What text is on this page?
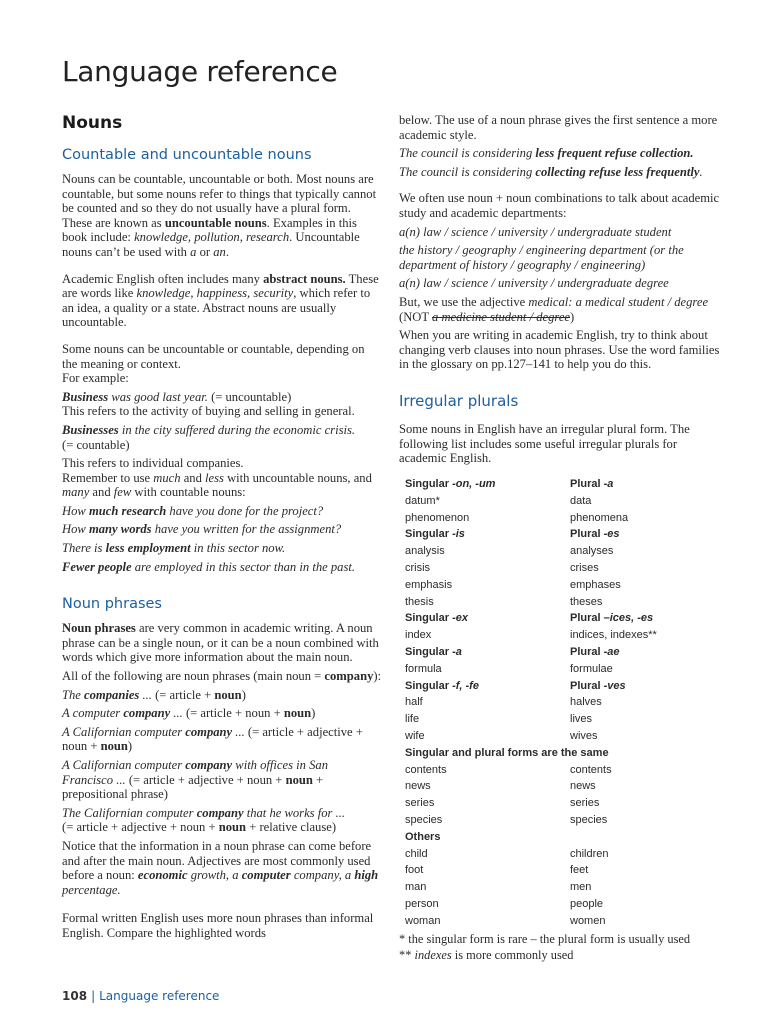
Language reference
Nouns
Countable and uncountable nouns

Nouns can be countable, uncountable or both. Most nouns are countable, but some nouns refer to things that typically cannot be counted and so they do not usually have a plural form. These are known as uncountable nouns. Examples in this book include: knowledge, pollution, research. Uncountable nouns can’t be used with a or an.

Academic English often includes many abstract nouns. These are words like knowledge, happiness, security, which refer to an idea, a quality or a state. Abstract nouns are usually uncountable.

Some nouns can be uncountable or countable, depending on the meaning or context.

For example:

Business was good last year. (= uncountable)

This refers to the activity of buying and selling in general.

Businesses in the city suffered during the economic crisis.

(= countable)

This refers to individual companies.

Remember to use much and less with uncountable nouns, and many and few with countable nouns:

How much research have you done for the project?

How many words have you written for the assignment?

There is less employment in this sector now.

Fewer people are employed in this sector than in the past.

Noun phrases

Noun phrases are very common in academic writing. A noun phrase can be a single noun, or it can be a noun combined with words which give more information about the main noun.

All of the following are noun phrases (main noun = company):

The companies ... (= article + noun)

A computer company ... (= article + noun + noun)

A Californian computer company ... (= article + adjective + noun + noun)

A Californian computer company with offices in San Francisco ... (= article + adjective + noun + noun + prepositional phrase)

The Californian computer company that he works for ...

(= article + adjective + noun + noun + relative clause)

Notice that the information in a noun phrase can come before and after the main noun. Adjectives are most commonly used before a noun: economic growth, a computer company, a high percentage.

Formal written English uses more noun phrases than informal English. Compare the highlighted words

below. The use of a noun phrase gives the first sentence a more academic style.

The council is considering less frequent refuse collection.

The council is considering collecting refuse less frequently.

We often use noun + noun combinations to talk about academic study and academic departments:

a(n) law / science / university / undergraduate student

the history / geography / engineering department (or the department of history / geography / engineering)

a(n) law / science / university / undergraduate degree

But, we use the adjective medical: a medical student / degree (NOT a medicine student / degree)

When you are writing in academic English, try to think about changing verb clauses into noun phrases. Use the word families in the glossary on pp.127–141 to help you do this.

Irregular plurals

Some nouns in English have an irregular plural form. The following list includes some useful irregular plurals for academic English.

Singular -on, -um	Plural -a
datum*	data
phenomenon	phenomena
Singular -is	Plural -es
analysis	analyses
crisis	crises
emphasis	emphases
thesis	theses
Singular -ex	Plural –ices, -es
index	indices, indexes**
Singular -a	Plural -ae
formula	formulae
Singular -f, -fe	Plural -ves
half	halves
life	lives
wife	wives
Singular and plural forms are the same	
contents	contents
news	news
series	series
species	species
Others	
child	children
foot	feet
man	men
person	people
woman	women

* the singular form is rare – the plural form is usually used

** indexes is more commonly used

108 | Language reference
